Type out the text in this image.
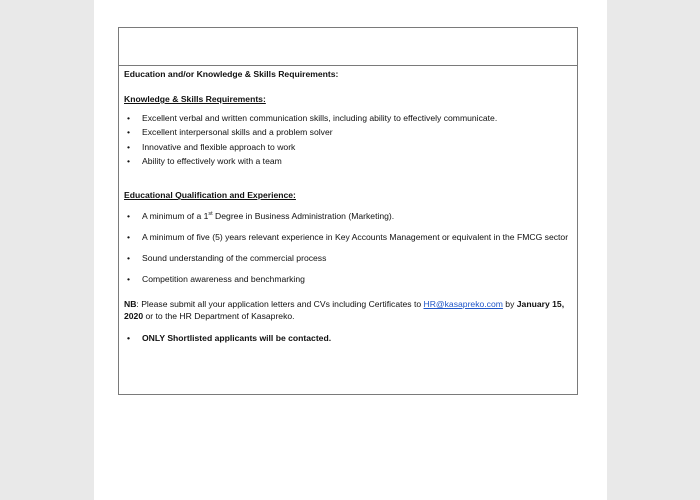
Education and/or Knowledge & Skills Requirements:

Knowledge & Skills Requirements:

• Excellent verbal and written communication skills, including ability to effectively communicate.
• Excellent interpersonal skills and a problem solver
• Innovative and flexible approach to work
• Ability to effectively work with a team

Educational Qualification and Experience:

• A minimum of a 1st Degree in Business Administration (Marketing).
• A minimum of five (5) years relevant experience in Key Accounts Management or equivalent in the FMCG sector
• Sound understanding of the commercial process
• Competition awareness and benchmarking

NB: Please submit all your application letters and CVs including Certificates to HR@kasapreko.com by January 15, 2020 or to the HR Department of Kasapreko.

• ONLY Shortlisted applicants will be contacted.
